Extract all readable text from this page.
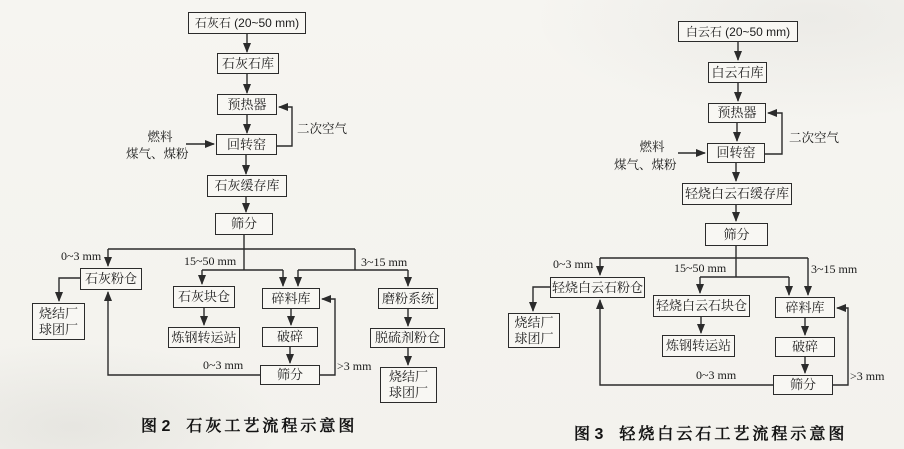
石灰石 (20~50 mm)
石灰石库
预热器
回转窑
石灰缓存库
筛分
石灰粉仓
烧结厂
球团厂
石灰块仓
炼钢转运站
碎料库
破碎
筛分
磨粉系统
脱硫剂粉仓
烧结厂
球团厂
燃料
煤气、煤粉
二次空气
0~3 mm	15~50 mm	3~15 mm
0~3 mm	>3 mm
图 2 石灰工艺流程示意图
白云石 (20~50 mm)
白云石库
预热器
回转窑
轻烧白云石缓存库
筛分
轻烧白云石粉仓
烧结厂
球团厂
轻烧白云石块仓
炼钢转运站
碎料库
破碎
筛分
燃料
煤气、煤粉
二次空气
0~3 mm	15~50 mm	3~15 mm
0~3 mm	>3 mm
图 3 轻烧白云石工艺流程示意图
